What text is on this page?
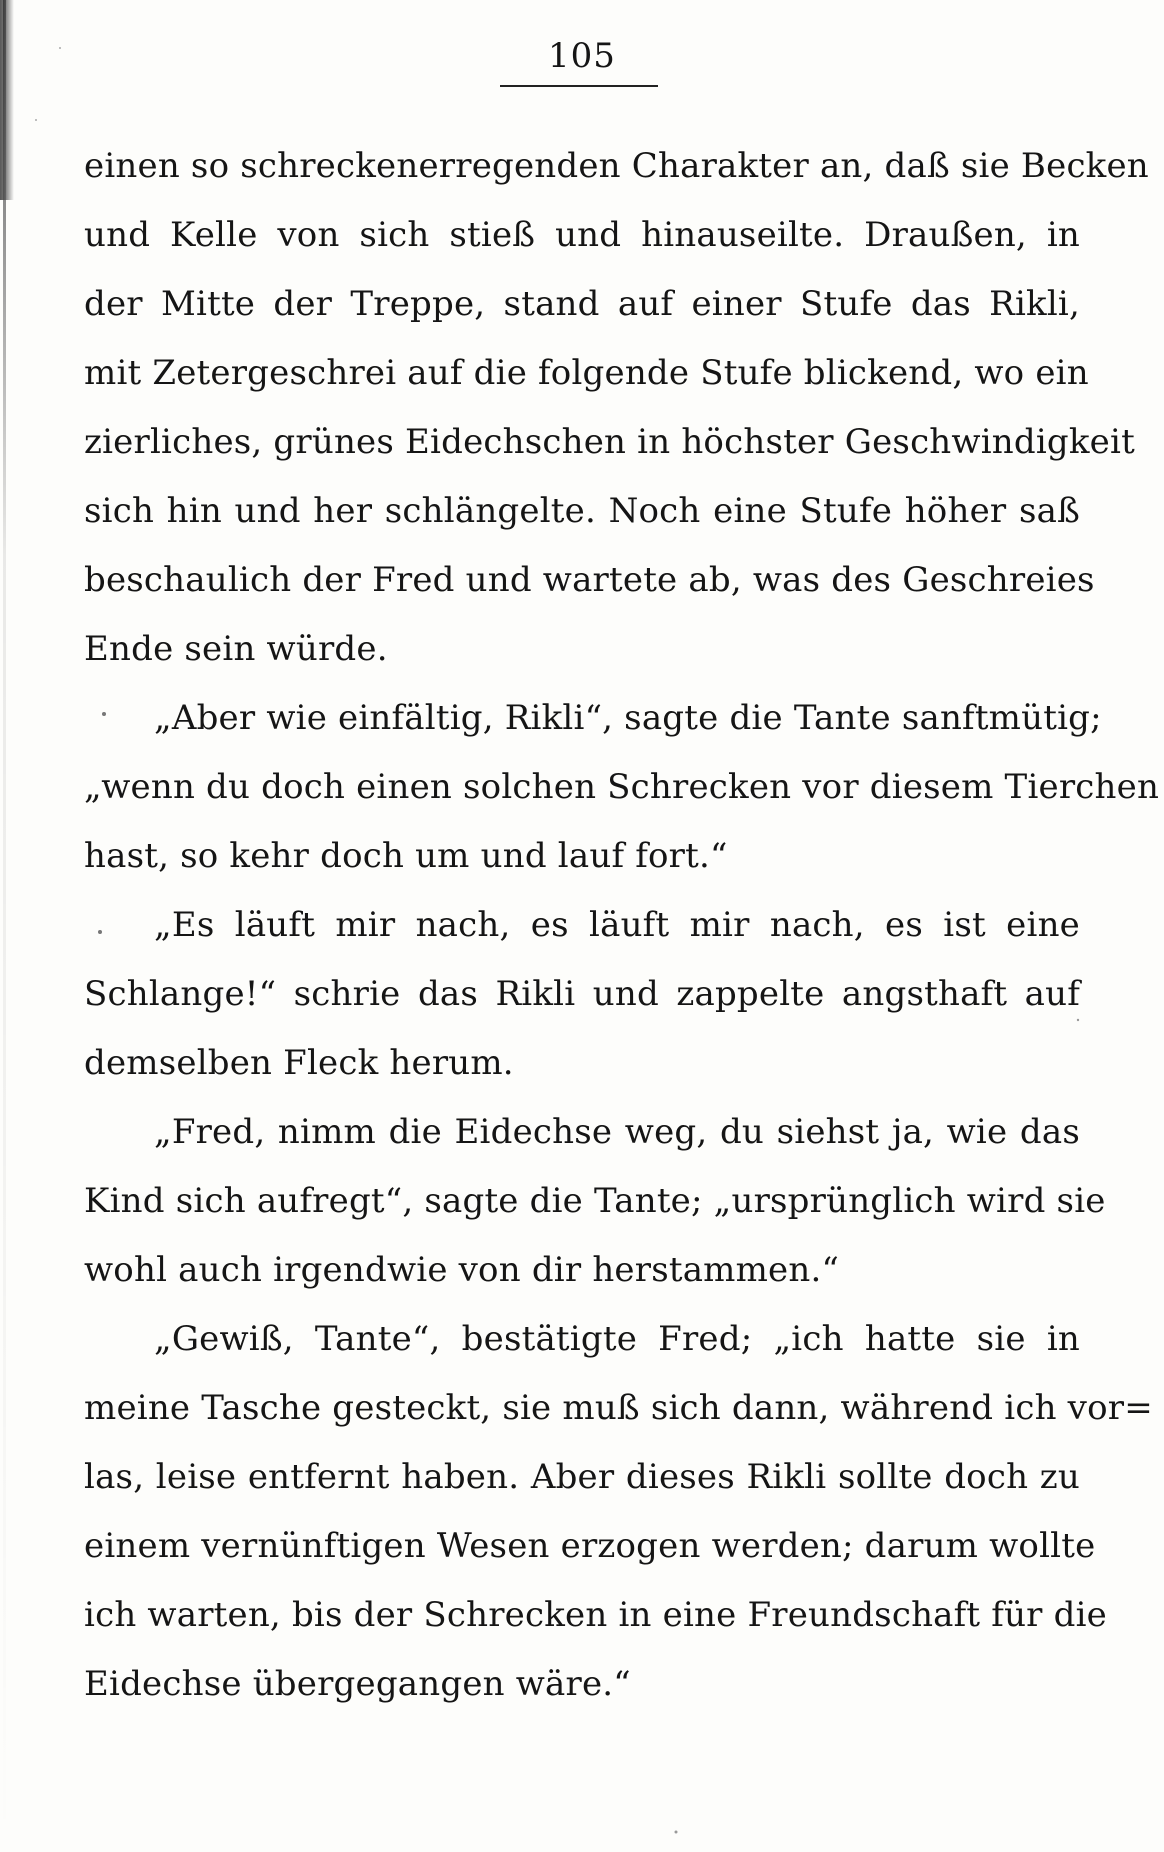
105
einen so schreckenerregenden Charakter an, daß sie Becken
und Kelle von sich stieß und hinauseilte. Draußen, in
der Mitte der Treppe, stand auf einer Stufe das Rikli,
mit Zetergeschrei auf die folgende Stufe blickend, wo ein
zierliches, grünes Eidechschen in höchster Geschwindigkeit
sich hin und her schlängelte. Noch eine Stufe höher saß
beschaulich der Fred und wartete ab, was des Geschreies
Ende sein würde.
„Aber wie einfältig, Rikli“, sagte die Tante sanftmütig;
„wenn du doch einen solchen Schrecken vor diesem Tierchen
hast, so kehr doch um und lauf fort.“
„Es läuft mir nach, es läuft mir nach, es ist eine
Schlange!“ schrie das Rikli und zappelte angsthaft auf
demselben Fleck herum.
„Fred, nimm die Eidechse weg, du siehst ja, wie das
Kind sich aufregt“, sagte die Tante; „ursprünglich wird sie
wohl auch irgendwie von dir herstammen.“
„Gewiß, Tante“, bestätigte Fred; „ich hatte sie in
meine Tasche gesteckt, sie muß sich dann, während ich vor=
las, leise entfernt haben. Aber dieses Rikli sollte doch zu
einem vernünftigen Wesen erzogen werden; darum wollte
ich warten, bis der Schrecken in eine Freundschaft für die
Eidechse übergegangen wäre.“
